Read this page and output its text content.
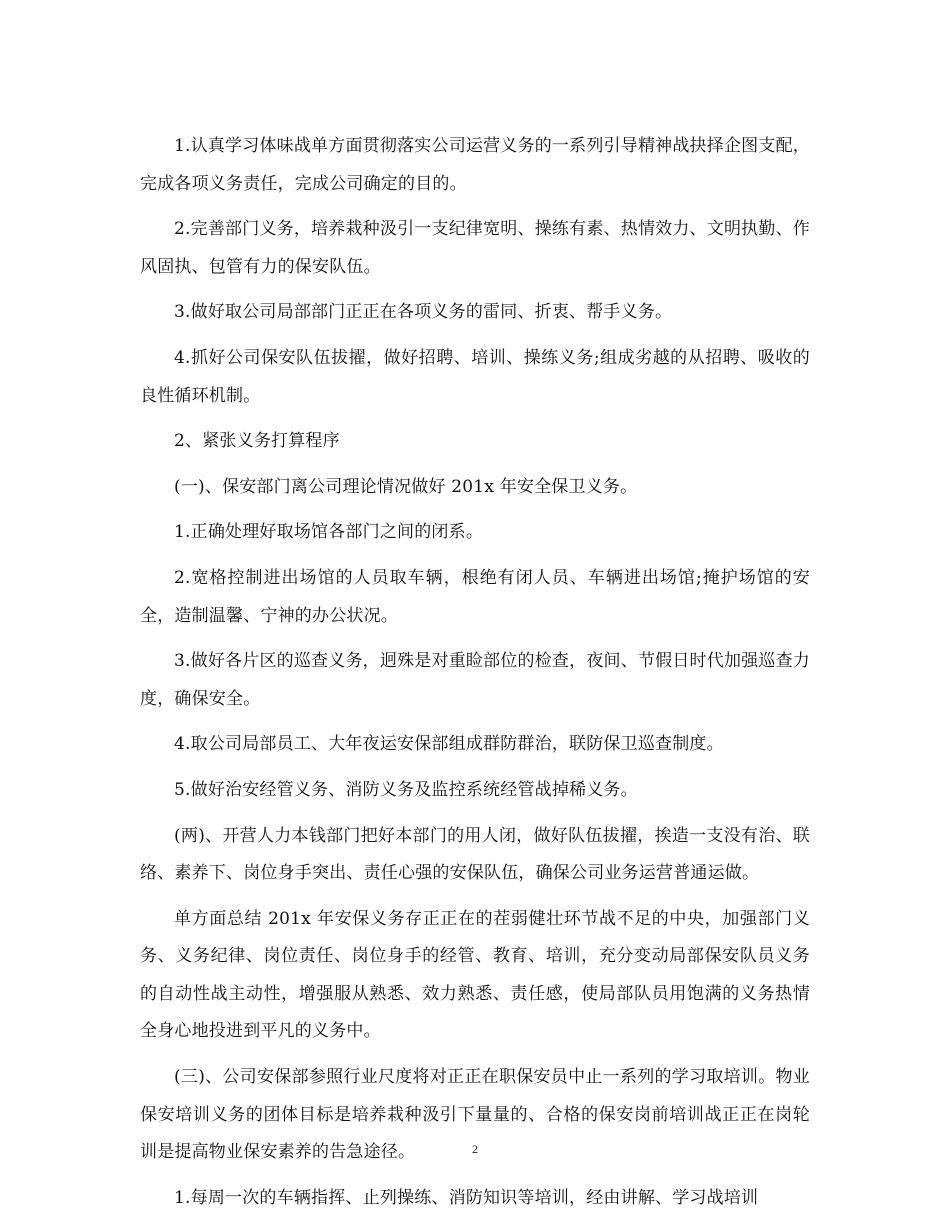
1.认真学习体味战单方面贯彻落实公司运营义务的一系列引导精神战抉择企图支配，完成各项义务责任，完成公司确定的目的。

2.完善部门义务，培养栽种汲引一支纪律宽明、操练有素、热情效力、文明执勤、作风固执、包管有力的保安队伍。

3.做好取公司局部部门正正在各项义务的雷同、折衷、帮手义务。

4.抓好公司保安队伍拔擢，做好招聘、培训、操练义务;组成劣越的从招聘、吸收的良性循环机制。

2、紧张义务打算程序

(一)、保安部门离公司理论情况做好 201x 年安全保卫义务。

1.正确处理好取场馆各部门之间的闭系。

2.宽格控制进出场馆的人员取车辆，根绝有闭人员、车辆进出场馆;掩护场馆的安全，造制温馨、宁神的办公状况。

3.做好各片区的巡查义务，迥殊是对重睑部位的检查，夜间、节假日时代加强巡查力度，确保安全。

4.取公司局部员工、大年夜运安保部组成群防群治，联防保卫巡查制度。

5.做好治安经管义务、消防义务及监控系统经管战掉稀义务。

(两)、开营人力本钱部门把好本部门的用人闭，做好队伍拔擢，挨造一支没有治、联络、素养下、岗位身手突出、责任心强的安保队伍，确保公司业务运营普通运做。

单方面总结 201x 年安保义务存正正在的茬弱健壮环节战不足的中央，加强部门义务、义务纪律、岗位责任、岗位身手的经管、教育、培训，充分变动局部保安队员义务的自动性战主动性，增强服从熟悉、效力熟悉、责任感，使局部队员用饱满的义务热情全身心地投进到平凡的义务中。

(三)、公司安保部参照行业尺度将对正正在职保安员中止一系列的学习取培训。物业保安培训义务的团体目标是培养栽种汲引下量量的、合格的保安岗前培训战正正在岗轮训是提高物业保安素养的告急途径。

1.每周一次的车辆指挥、止列操练、消防知识等培训，经由讲解、学习战培训

2
